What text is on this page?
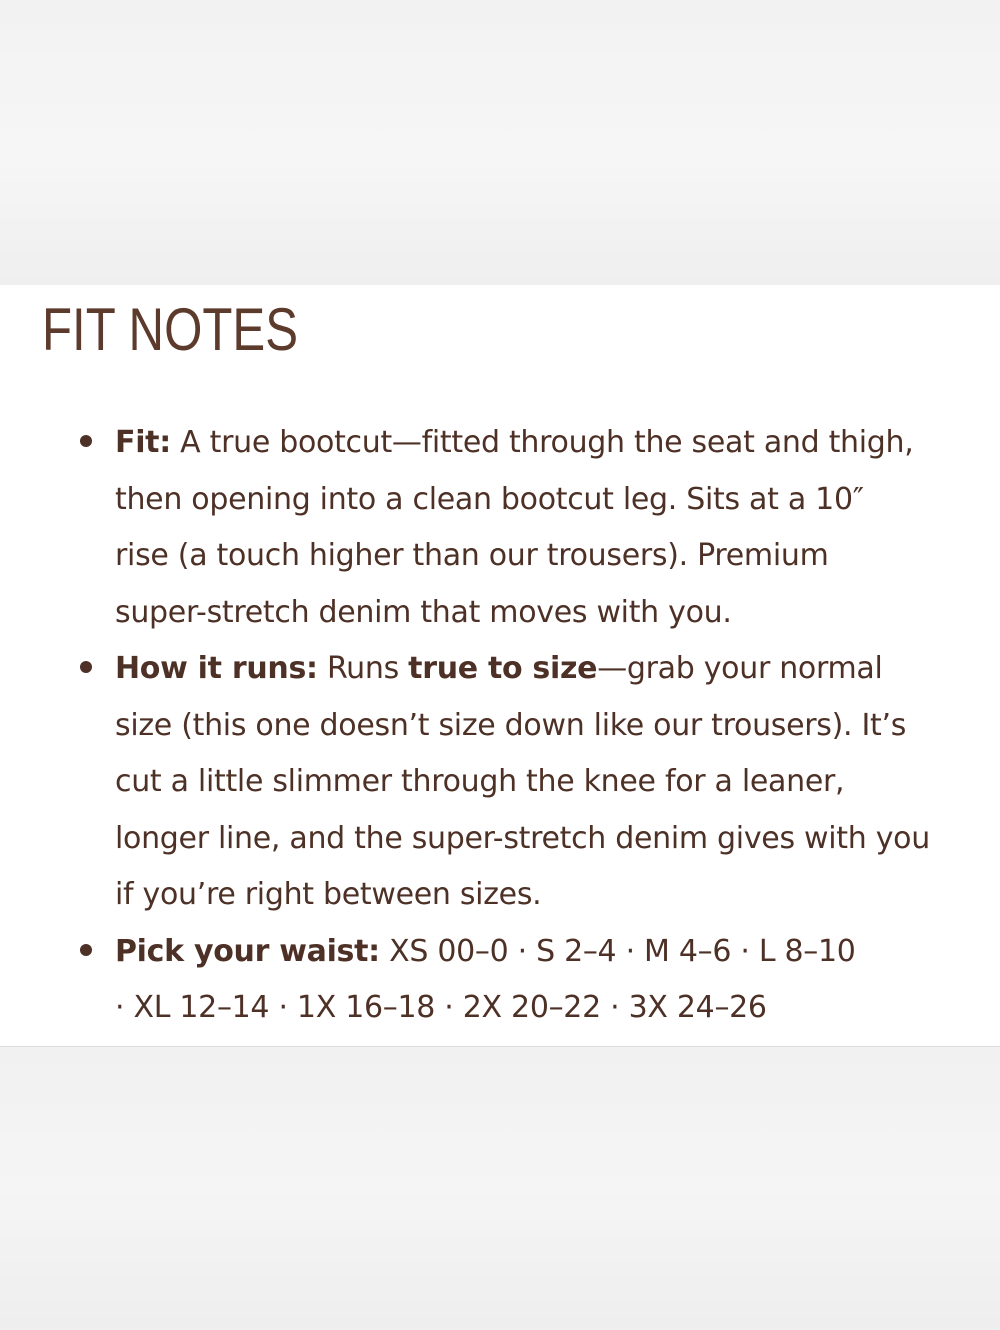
FIT NOTES
Fit: A true bootcut—fitted through the seat and thigh,
then opening into a clean bootcut leg. Sits at a 10″
rise (a touch higher than our trousers). Premium
super-stretch denim that moves with you.
How it runs: Runs true to size—grab your normal
size (this one doesn’t size down like our trousers). It’s
cut a little slimmer through the knee for a leaner,
longer line, and the super-stretch denim gives with you
if you’re right between sizes.
Pick your waist: XS 00–0 · S 2–4 · M 4–6 · L 8–10
· XL 12–14 · 1X 16–18 · 2X 20–22 · 3X 24–26
